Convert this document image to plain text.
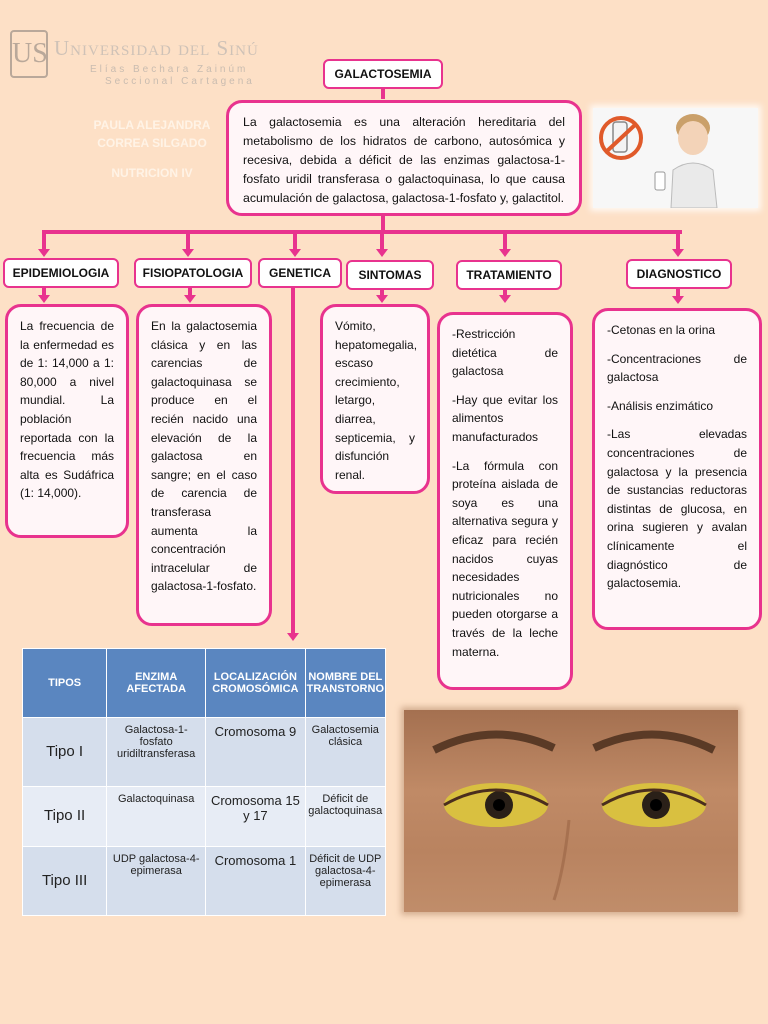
US Universidad del Sinú
Elías Bechara Zainúm
Seccional Cartagena
PAULA ALEJANDRA
CORREA SILGADO
NUTRICION IV
GALACTOSEMIA
La galactosemia es una alteración hereditaria del metabolismo de los hidratos de carbono, autosómica y recesiva, debida a déficit de las enzimas galactosa-1-fosfato uridil transferasa o galactoquinasa, lo que causa acumulación de galactosa, galactosa-1-fosfato y, galactitol.
EPIDEMIOLOGIA	FISIOPATOLOGIA	GENETICA	SINTOMAS	TRATAMIENTO	DIAGNOSTICO
La frecuencia de la enfermedad es de 1: 14,000 a 1: 80,000 a nivel mundial. La población reportada con la frecuencia más alta es Sudáfrica (1: 14,000).
En la galactosemia clásica y en las carencias de galactoquinasa se produce en el recién nacido una elevación de la galactosa en sangre; en el caso de carencia de transferasa aumenta la concentración intracelular de galactosa-1-fosfato.
Vómito, hepatomegalia, escaso crecimiento, letargo, diarrea, septicemia, y disfunción renal.

-Restricción dietética de galactosa

-Hay que evitar los alimentos manufacturados

-La fórmula con proteína aislada de soya es una alternativa segura y eficaz para recién nacidos cuyas necesidades nutricionales no pueden otorgarse a través de la leche materna.

-Cetonas en la orina

-Concentraciones de galactosa

-Análisis enzimático

-Las elevadas concentraciones de galactosa y la presencia de sustancias reductoras distintas de glucosa, en orina sugieren y avalan clínicamente el diagnóstico de galactosemia.

TIPOS	ENZIMA AFECTADA	LOCALIZACIÓN CROMOSÓMICA	NOMBRE DEL TRANSTORNO
Tipo I	Galactosa-1-fosfato uridiltransferasa	Cromosoma 9	Galactosemia clásica
Tipo II	Galactoquinasa	Cromosoma 15 y 17	Déficit de galactoquinasa
Tipo III	UDP galactosa-4-epimerasa	Cromosoma 1	Déficit de UDP galactosa-4-epimerasa
